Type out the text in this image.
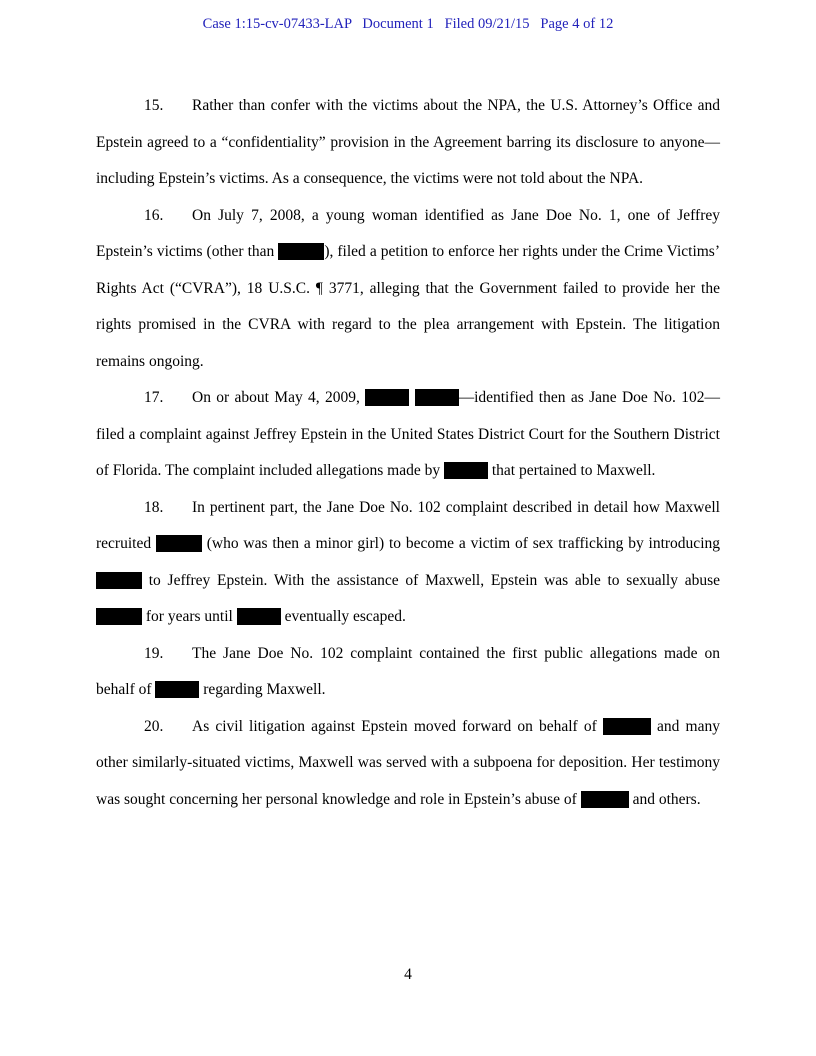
Case 1:15-cv-07433-LAP   Document 1   Filed 09/21/15   Page 4 of 12

15. Rather than confer with the victims about the NPA, the U.S. Attorney’s Office and Epstein agreed to a “confidentiality” provision in the Agreement barring its disclosure to anyone—including Epstein’s victims. As a consequence, the victims were not told about the NPA.

16. On July 7, 2008, a young woman identified as Jane Doe No. 1, one of Jeffrey Epstein’s victims (other than	), filed a petition to enforce her rights under the Crime Victims’ Rights Act (“CVRA”), 18 U.S.C. ¶ 3771, alleging that the Government failed to provide her the rights promised in the CVRA with regard to the plea arrangement with Epstein. The litigation remains ongoing.

17. On or about May 4, 2009,	—identified then as Jane Doe No. 102—filed a complaint against Jeffrey Epstein in the United States District Court for the Southern District of Florida. The complaint included allegations made by	that pertained to Maxwell.

18. In pertinent part, the Jane Doe No. 102 complaint described in detail how Maxwell recruited	(who was then a minor girl) to become a victim of sex trafficking by introducing  to Jeffrey Epstein. With the assistance of Maxwell, Epstein was able to sexually abuse  for years until	eventually escaped.

19. The Jane Doe No. 102 complaint contained the first public allegations made on behalf of	regarding Maxwell.

20. As civil litigation against Epstein moved forward on behalf of	and many other similarly-situated victims, Maxwell was served with a subpoena for deposition. Her testimony was sought concerning her personal knowledge and role in Epstein’s abuse of	and others.

4
